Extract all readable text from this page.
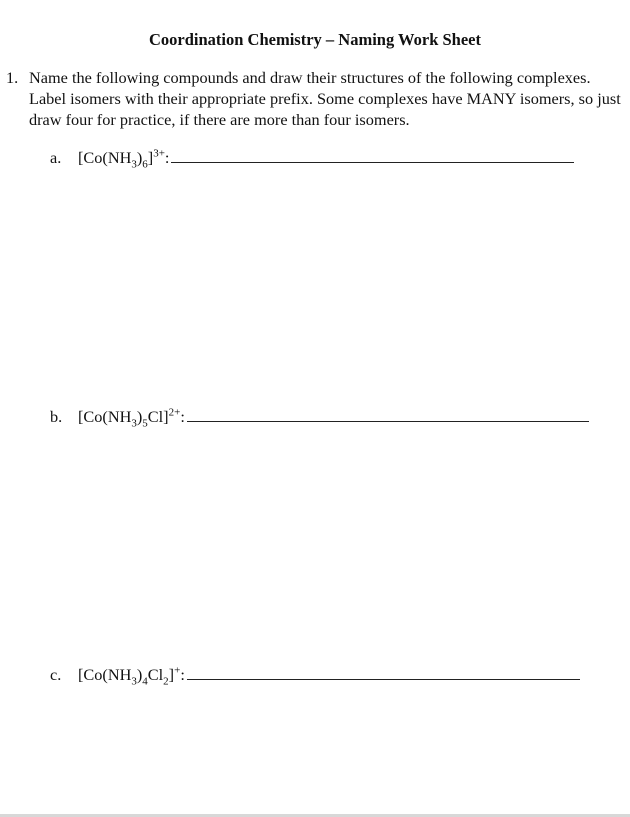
Coordination Chemistry – Naming Work Sheet
1. Name the following compounds and draw their structures of the following complexes. Label isomers with their appropriate prefix. Some complexes have MANY isomers, so just draw four for practice, if there are more than four isomers.
a.	$[Co(NH_3)_6]^{3+}$:
b. $[Co(NH_3)_5Cl]^{2+}$:
c.	$[Co(NH_3)_4Cl_2]^+$:
